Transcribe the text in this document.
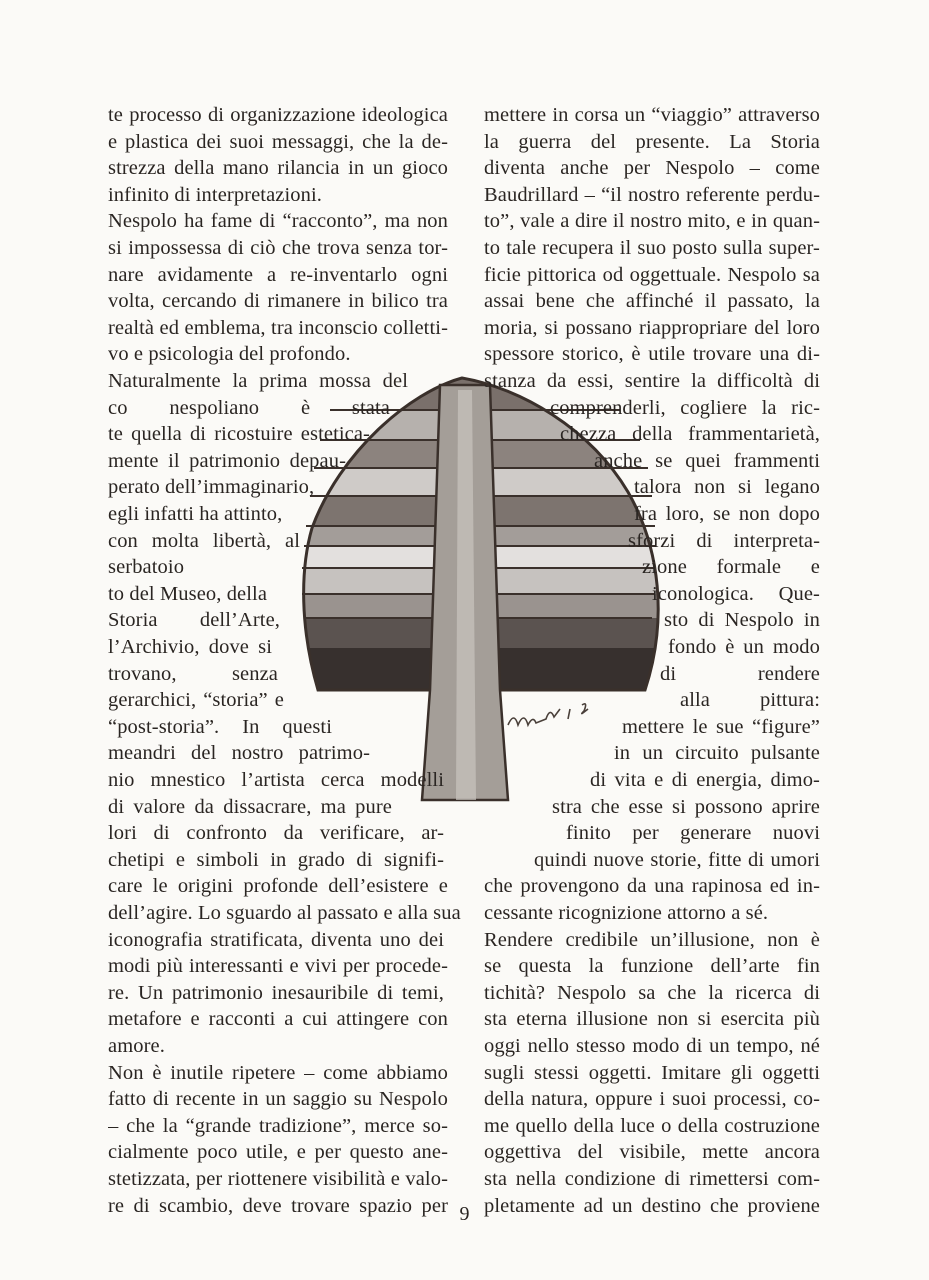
te processo di organizzazione ideologica
e plastica dei suoi messaggi, che la de-
strezza della mano rilancia in un gioco
infinito di interpretazioni.
Nespolo ha fame di “racconto”, ma non
si impossessa di ciò che trova senza tor-
nare avidamente a re-inventarlo ogni
volta, cercando di rimanere in bilico tra
realtà ed emblema, tra inconscio colletti-
vo e psicologia del profondo.
Naturalmente la prima mossa del
co nespoliano è stata
te quella di ricostuire estetica-
mente il patrimonio depau-
perato dell’immaginario,
egli infatti ha attinto,
con molta libertà, al
serbatoio
to del Museo, della
Storia dell’Arte,
l’Archivio, dove si
trovano, senza
gerarchici, “storia” e
“post-storia”. In questi
meandri del nostro patrimo-
nio mnestico l’artista cerca modelli
di valore da dissacrare, ma pure
lori di confronto da verificare, ar-
chetipi e simboli in grado di signifi-
care le origini profonde dell’esistere e
dell’agire. Lo sguardo al passato e alla sua
iconografia stratificata, diventa uno dei
modi più interessanti e vivi per procede-
re. Un patrimonio inesauribile di temi,
metafore e racconti a cui attingere con
amore.
Non è inutile ripetere – come abbiamo
fatto di recente in un saggio su Nespolo
– che la “grande tradizione”, merce so-
cialmente poco utile, e per questo ane-
stetizzata, per riottenere visibilità e valo-
re di scambio, deve trovare spazio per
mettere in corsa un “viaggio” attraverso
la guerra del presente. La Storia
diventa anche per Nespolo – come
Baudrillard – “il nostro referente perdu-
to”, vale a dire il nostro mito, e in quan-
to tale recupera il suo posto sulla super-
ficie pittorica od oggettuale. Nespolo sa
assai bene che affinché il passato, la
moria, si possano riappropriare del loro
spessore storico, è utile trovare una di-
stanza da essi, sentire la difficoltà di
comprenderli, cogliere la ric-
chezza della frammentarietà,
anche se quei frammenti
talora non si legano
fra loro, se non dopo
sforzi di interpreta-
zione formale e
iconologica. Que-
sto di Nespolo in
fondo è un modo
di rendere
alla pittura:
mettere le sue “figure”
in un circuito pulsante
di vita e di energia, dimo-
stra che esse si possono aprire
finito per generare nuovi
quindi nuove storie, fitte di umori
che provengono da una rapinosa ed in-
cessante ricognizione attorno a sé.
Rendere credibile un’illusione, non è
se questa la funzione dell’arte fin
tichità? Nespolo sa che la ricerca di
sta eterna illusione non si esercita più
oggi nello stesso modo di un tempo, né
sugli stessi oggetti. Imitare gli oggetti
della natura, oppure i suoi processi, co-
me quello della luce o della costruzione
oggettiva del visibile, mette ancora
sta nella condizione di rimettersi com-
pletamente ad un destino che proviene
9
